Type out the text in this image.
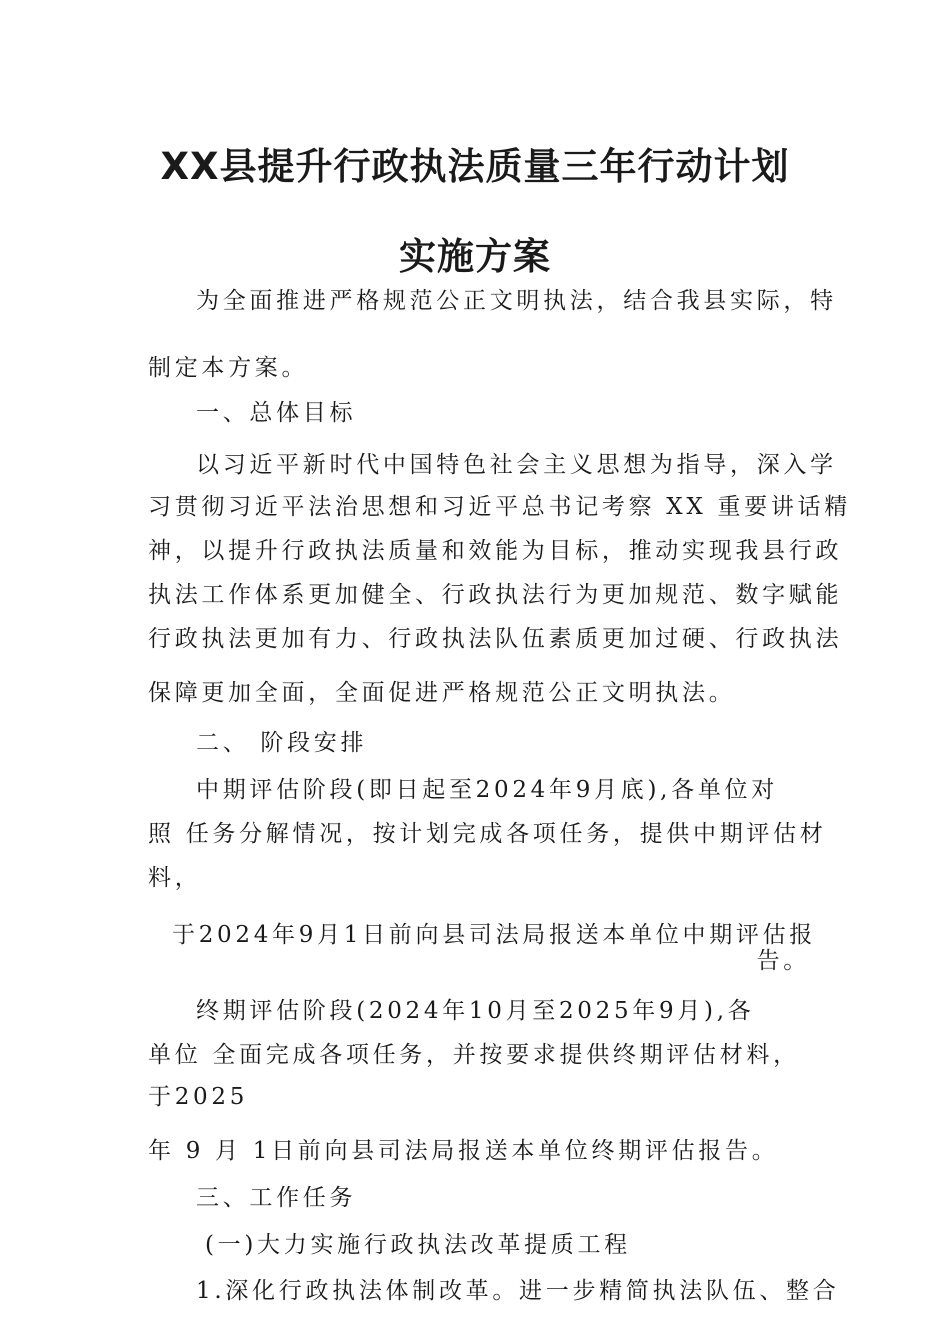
XX县提升行政执法质量三年行动计划
实施方案
为全面推进严格规范公正文明执法，结合我县实际，特
制定本方案。
一、总体目标
以习近平新时代中国特色社会主义思想为指导，深入学
习贯彻习近平法治思想和习近平总书记考察 XX 重要讲话精
神，以提升行政执法质量和效能为目标，推动实现我县行政
执法工作体系更加健全、行政执法行为更加规范、数字赋能
行政执法更加有力、行政执法队伍素质更加过硬、行政执法
保障更加全面，全面促进严格规范公正文明执法。
二、 阶段安排
中期评估阶段(即日起至2024年9月底),各单位对
照 任务分解情况，按计划完成各项任务，提供中期评估材
料，
于2024年9月1日前向县司法局报送本单位中期评估报
告。
终期评估阶段(2024年10月至2025年9月),各
单位 全面完成各项任务，并按要求提供终期评估材料，
于2025
年 9 月 1日前向县司法局报送本单位终期评估报告。
三、工作任务
(一)大力实施行政执法改革提质工程
1.深化行政执法体制改革。进一步精简执法队伍、整合
